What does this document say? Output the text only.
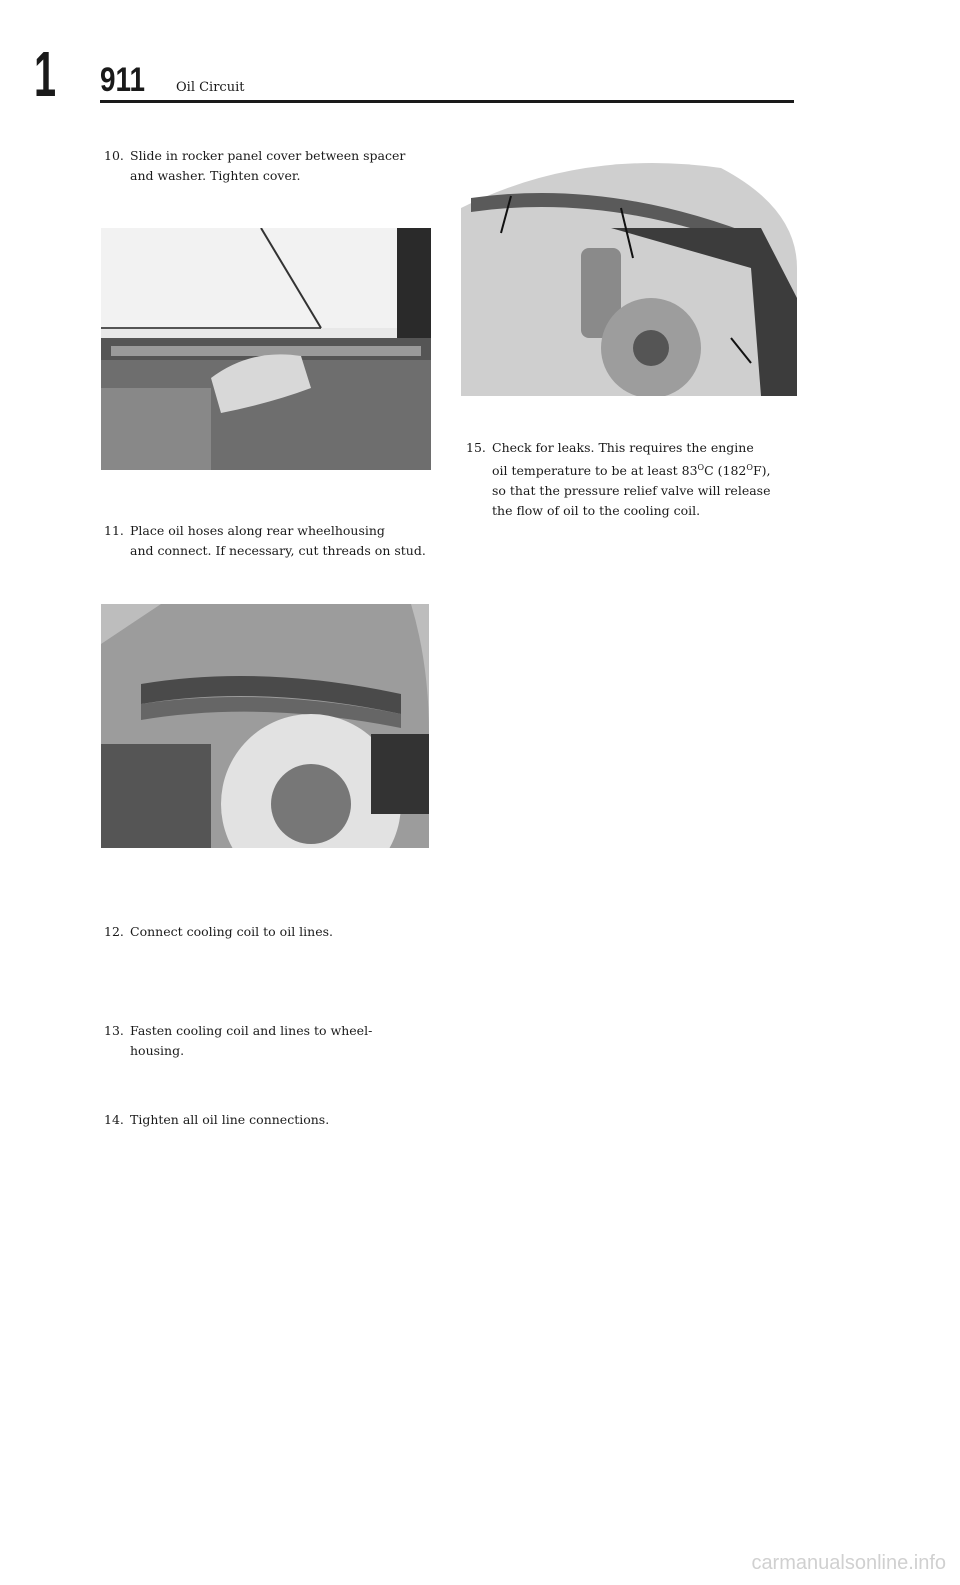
1 911 Oil Circuit
10. Slide in rocker panel cover between spacer
and washer. Tighten cover.
11. Place oil hoses along rear wheelhousing
and connect. If necessary, cut threads on stud.
12. Connect cooling coil to oil lines.
13. Fasten cooling coil and lines to wheel-
housing.
14. Tighten all oil line connections.
15. Check for leaks. This requires the engine
oil temperature to be at least $83^OC$ $(182^OF)$,
so that the pressure relief valve will release
the flow of oil to the cooling coil.
carmanualsonline.info
